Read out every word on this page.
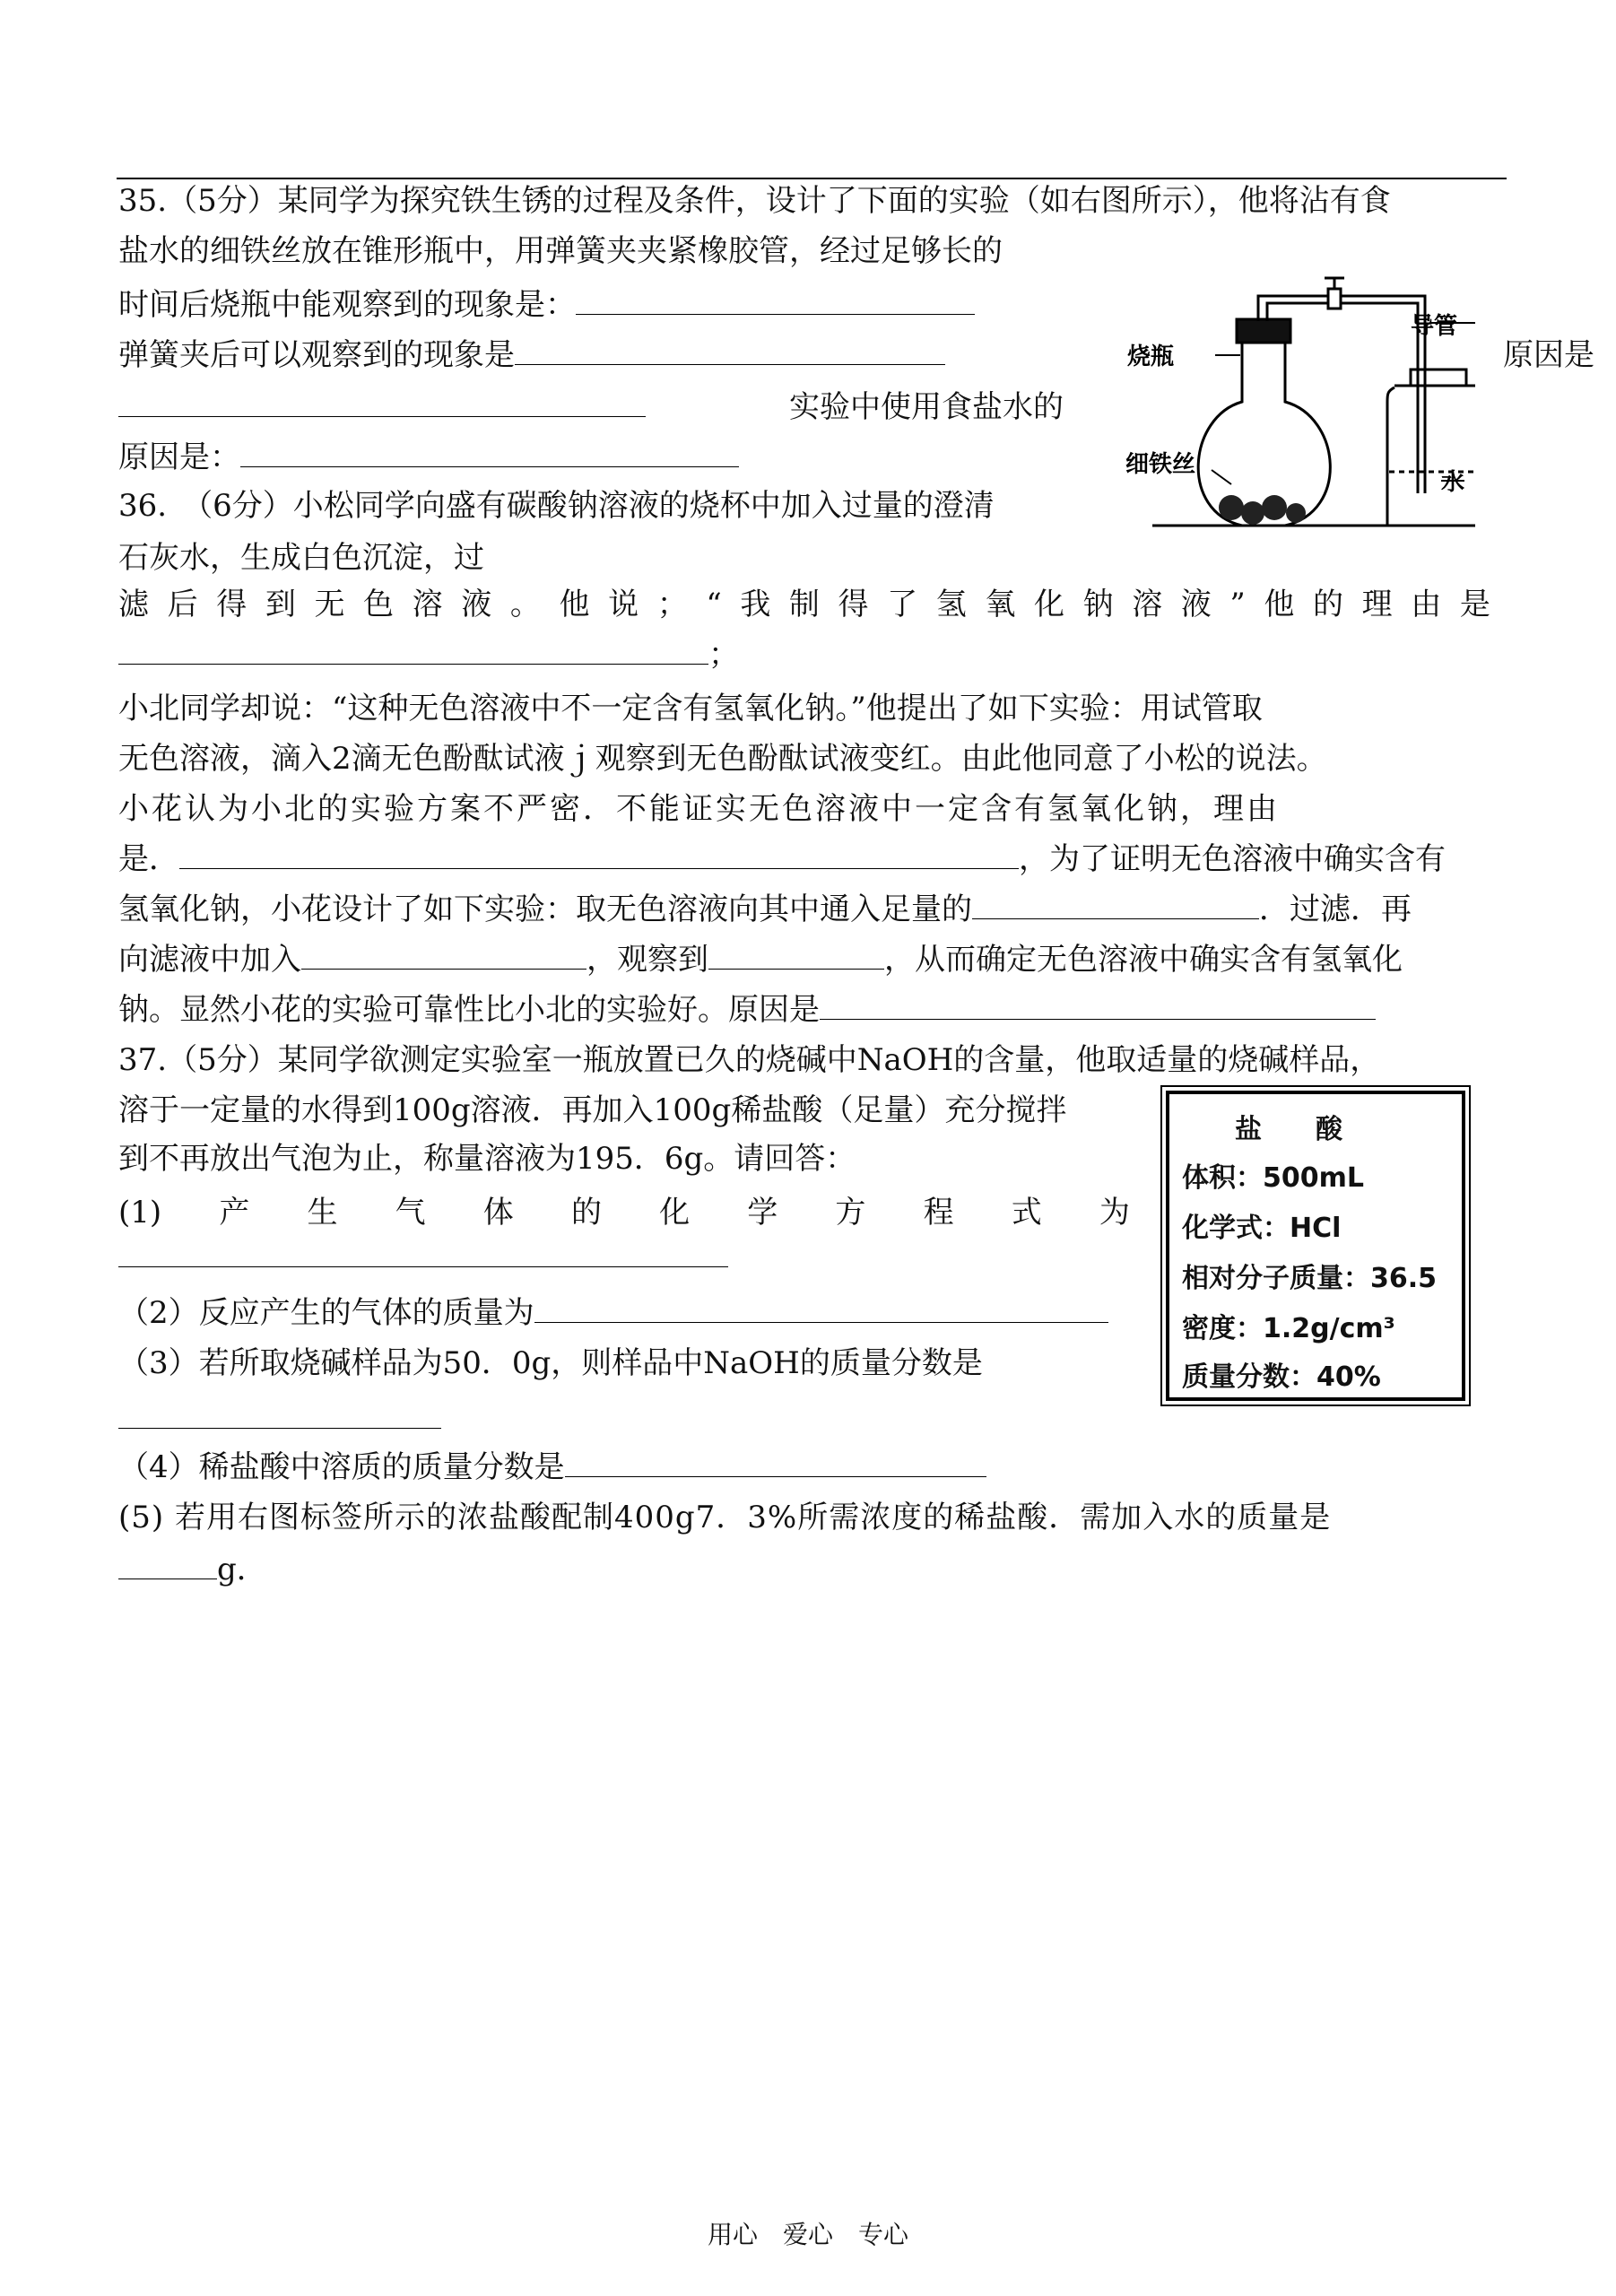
35.（5分）某同学为探究铁生锈的过程及条件，设计了下面的实验（如右图所示），他将沾有食
盐水的细铁丝放在锥形瓶中，用弹簧夹夹紧橡胶管，经过足够长的
时间后烧瓶中能观察到的现象是：
弹簧夹后可以观察到的现象是	原因是
实验中使用食盐水的
原因是：
烧瓶
导管
细铁丝
水
36.　（6分）小松同学向盛有碳酸钠溶液的烧杯中加入过量的澄清
石灰水，生成白色沉淀，过
滤 后 得 到 无 色 溶 液 。 他 说 ； “ 我 制 得 了 氢 氧 化 钠 溶 液 ” 他 的 理 由 是
；
小北同学却说：“这种无色溶液中不一定含有氢氧化钠。”他提出了如下实验：用试管取
无色溶液，滴入2滴无色酚酞试液ｊ观察到无色酚酞试液变红。由此他同意了小松的说法。
小花认为小北的实验方案不严密．不能证实无色溶液中一定含有氢氧化钠，理由
是．	，为了证明无色溶液中确实含有
氢氧化钠，小花设计了如下实验：取无色溶液向其中通入足量的	．过滤．再
向滤液中加入	，观察到	，从而确定无色溶液中确实含有氢氧化
钠。显然小花的实验可靠性比小北的实验好。原因是
37.（5分）某同学欲测定实验室一瓶放置已久的烧碱中NaOH的含量，他取适量的烧碱样品，
溶于一定量的水得到100g溶液．再加入100g稀盐酸（足量）充分搅拌
到不再放出气泡为止，称量溶液为195．6g。请回答：
(1) 产 生 气 体 的 化 学 方 程 式 为
（2）反应产生的气体的质量为
（3）若所取烧碱样品为50．0g，则样品中NaOH的质量分数是
（4）稀盐酸中溶质的质量分数是
(5) 若用右图标签所示的浓盐酸配制400g7．3%所需浓度的稀盐酸．需加入水的质量是
g．
盐酸
体积：500mL
化学式：HCl
相对分子质量：36.5
密度：1.2g/cm³
质量分数：40%
用心　爱心　专心
